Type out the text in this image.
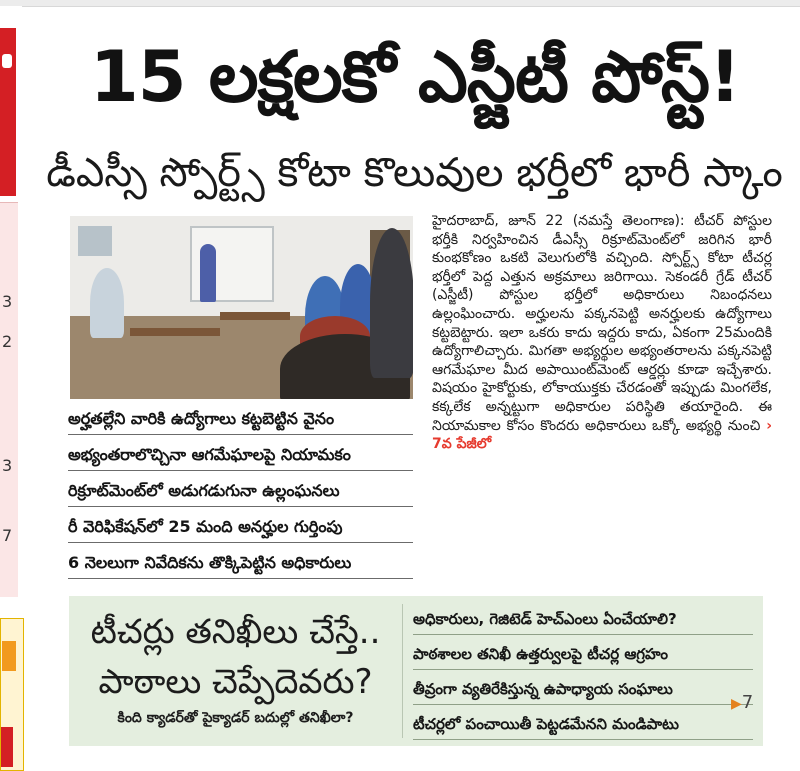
3
2
3
7
15 లక్షలకో ఎస్జీటీ పోస్ట్!
డీఎస్సీ స్పోర్ట్స్ కోటా కొలువుల భర్తీలో భారీ స్కాం
అర్హతల్లేని వారికి ఉద్యోగాలు కట్టబెట్టిన వైనం
అభ్యంతరాలొచ్చినా ఆగమేఘాలపై నియామకం
రిక్రూట్‌మెంట్‌లో అడుగడుగునా ఉల్లంఘనలు
రీ వెరిఫికేషన్‌లో 25 మంది అనర్హుల గుర్తింపు
6 నెలలుగా నివేదికను తొక్కిపెట్టిన అధికారులు
హైదరాబాద్, జూన్ 22 (నమస్తే తెలంగాణ): టీచర్ పోస్టుల భర్తీకి నిర్వహించిన డీఎస్సీ రిక్రూట్‌మెంట్‌లో జరిగిన భారీ కుంభకోణం ఒకటి వెలుగులోకి వచ్చింది. స్పోర్ట్స్ కోటా టీచర్ల భర్తీలో పెద్ద ఎత్తున అక్రమాలు జరిగాయి. సెకండరీ గ్రేడ్ టీచర్ (ఎస్జీటీ) పోస్టుల భర్తీలో అధికారులు నిబంధనలు ఉల్లంఘించారు. అర్హులను పక్కనపెట్టి అనర్హులకు ఉద్యోగాలు కట్టబెట్టారు. ఇలా ఒకరు కాదు ఇద్దరు కాదు, ఏకంగా 25మందికి ఉద్యోగాలిచ్చారు. మిగతా అభ్యర్థుల అభ్యంతరాలను పక్కనపెట్టి ఆగమేఘాల మీద అపాయింట్‌మెంట్ ఆర్డర్లు కూడా ఇచ్చేశారు. విషయం హైకోర్టుకు, లోకాయుక్తకు చేరడంతో ఇప్పుడు మింగలేక, కక్కలేక అన్నట్టుగా అధికారుల పరిస్థితి తయారైంది. ఈ నియామకాల కోసం కొందరు అధికారులు ఒక్కో అభ్యర్థి నుంచి › 7వ పేజీలో
టీచర్లు తనిఖీలు చేస్తే..
పాఠాలు చెప్పేదెవరు?
కింది క్యాడర్‌తో పైక్యాడర్ బదుల్లో తనిఖీలా?
అధికారులు, గెజిటెడ్ హెచ్‌ఎంలు ఏంచేయాలి?
పాఠశాలల తనిఖీ ఉత్తర్వులపై టీచర్ల ఆగ్రహం
తీవ్రంగా వ్యతిరేకిస్తున్న ఉపాధ్యాయ సంఘాలు
టీచర్లలో పంచాయితీ పెట్టడమేనని మండిపాటు
▶7
